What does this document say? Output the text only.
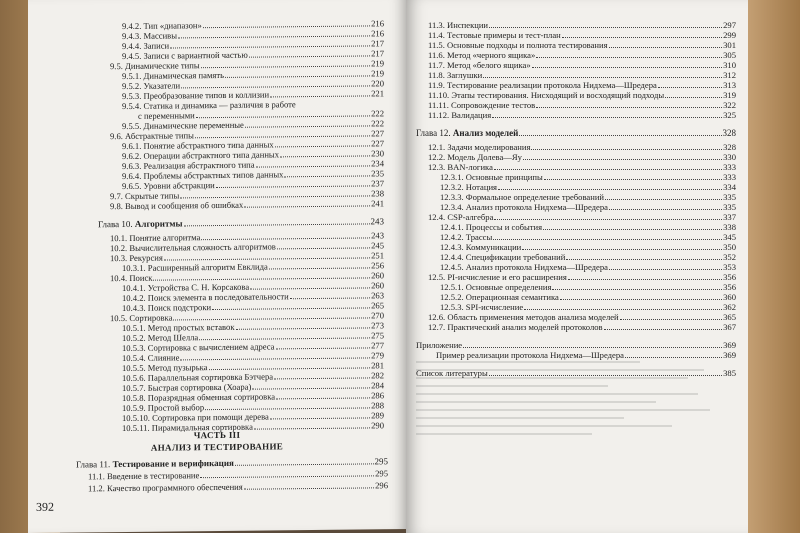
ЧАСТЬ III
АНАЛИЗ И ТЕСТИРОВАНИЕ
392
9.4.2. Тип «диапазон»	216
9.4.3. Массивы	216
9.4.4. Записи	217
9.4.5. Записи с вариантной частью	217
9.5. Динамические типы	219
9.5.1. Динамическая память	219
9.5.2. Указатели	220
9.5.3. Преобразование типов и коллизии	221
9.5.4. Статика и динамика — различия в работе
с переменными	222
9.5.5. Динамические переменные	222
9.6. Абстрактные типы	227
9.6.1. Понятие абстрактного типа данных	227
9.6.2. Операции абстрактного типа данных	230
9.6.3. Реализация абстрактного типа	234
9.6.4. Проблемы абстрактных типов данных	235
9.6.5. Уровни абстракции	237
9.7. Скрытые типы	238
9.8. Вывод и сообщения об ошибках	241
Глава 10. Алгоритмы	243
10.1. Понятие алгоритма	243
10.2. Вычислительная сложность алгоритмов	245
10.3. Рекурсия	251
10.3.1. Расширенный алгоритм Евклида	256
10.4. Поиск	260
10.4.1. Устройства С. Н. Корсакова	260
10.4.2. Поиск элемента в последовательности	263
10.4.3. Поиск подстроки	265
10.5. Сортировка	270
10.5.1. Метод простых вставок	273
10.5.2. Метод Шелла	275
10.5.3. Сортировка с вычислением адреса	277
10.5.4. Слияние	279
10.5.5. Метод пузырька	281
10.5.6. Параллельная сортировка Бэтчера	282
10.5.7. Быстрая сортировка (Хоара)	284
10.5.8. Поразрядная обменная сортировка	286
10.5.9. Простой выбор	288
10.5.10. Сортировка при помощи дерева	289
10.5.11. Пирамидальная сортировка	290
Глава 11. Тестирование и верификация	295
11.1. Введение в тестирование	295
11.2. Качество программного обеспечения	296
11.3. Инспекции	297
11.4. Тестовые примеры и тест-план	299
11.5. Основные подходы и полнота тестирования	301
11.6. Метод «черного ящика»	305
11.7. Метод «белого ящика»	310
11.8. Заглушки	312
11.9. Тестирование реализации протокола Нидхема—Шредера	313
11.10. Этапы тестирования. Нисходящий и восходящий подходы	319
11.11. Сопровождение тестов	322
11.12. Валидация	325
Глава 12. Анализ моделей	328
12.1. Задачи моделирования	328
12.2. Модель Долева—Яу	330
12.3. BAN-логика	333
12.3.1. Основные принципы	333
12.3.2. Нотация	334
12.3.3. Формальное определение требований	335
12.3.4. Анализ протокола Нидхема—Шредера	335
12.4. CSP-алгебра	337
12.4.1. Процессы и события	338
12.4.2. Трассы	345
12.4.3. Коммуникации	350
12.4.4. Спецификации требований	352
12.4.5. Анализ протокола Нидхема—Шредера	353
12.5. PI-исчисление и его расширения	356
12.5.1. Основные определения	356
12.5.2. Операционная семантика	360
12.5.3. SPI-исчисление	362
12.6. Область применения методов анализа моделей	365
12.7. Практический анализ моделей протоколов	367
Приложение	369
Пример реализации протокола Нидхема—Шредера	369
Список литературы	385
